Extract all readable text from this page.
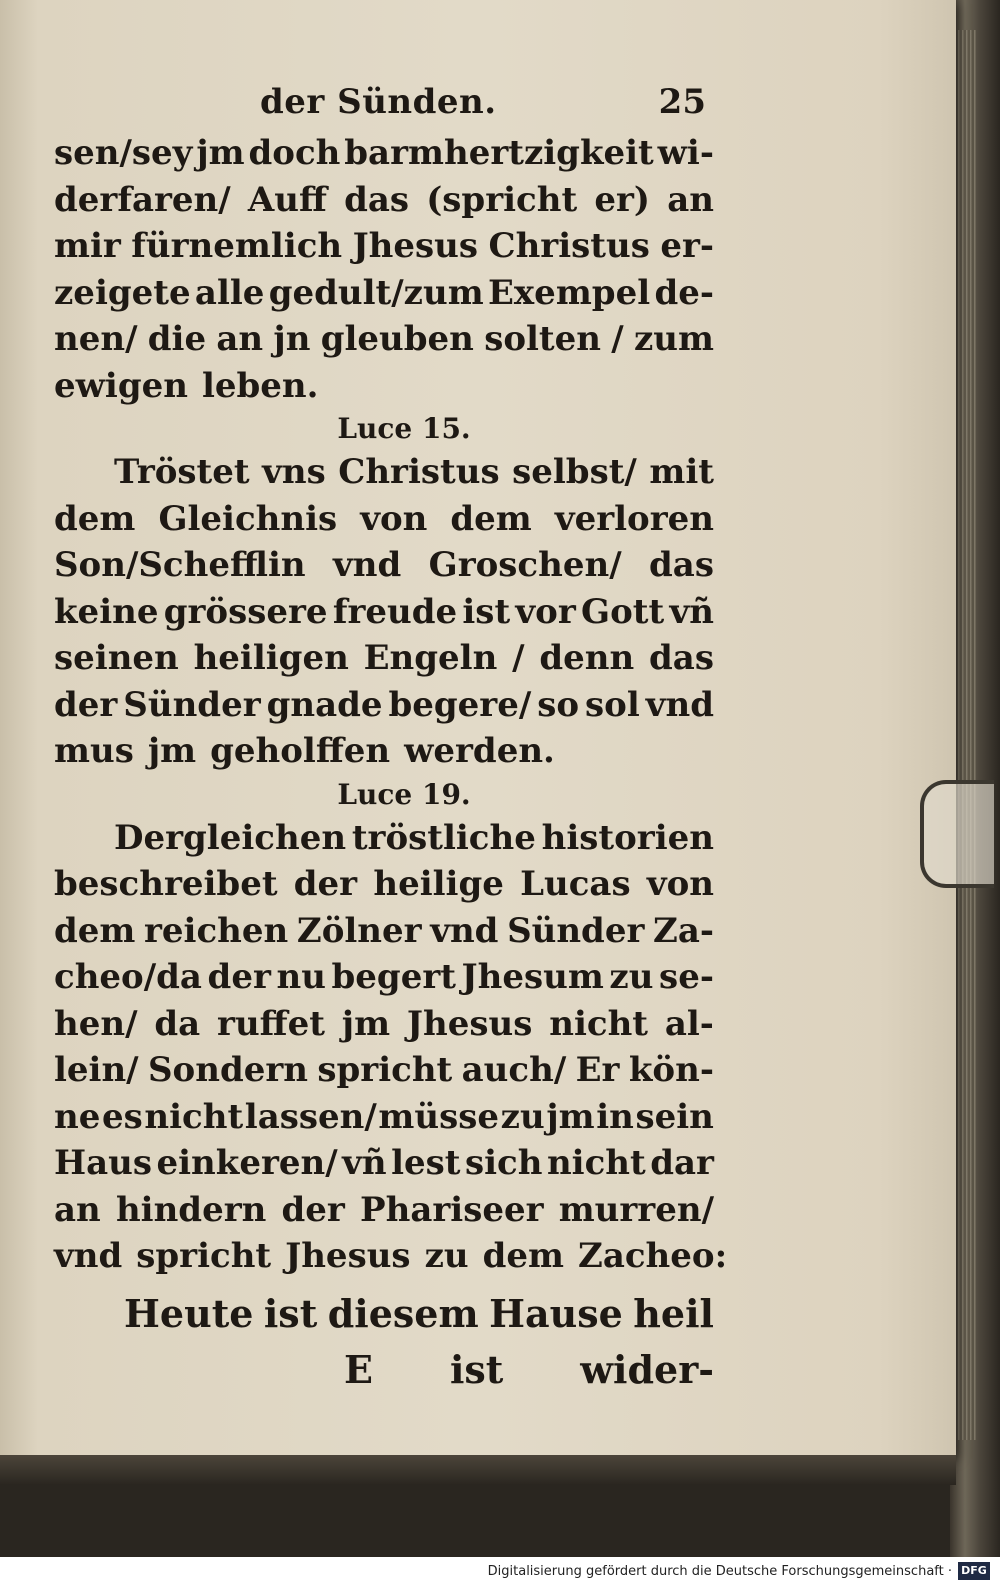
der Sünden.	25
sen/sey jm doch barmhertzigkeit wi-
derfaren/ Auff das (spricht er) an
mir fürnemlich Jhesus Christus er-
zeigete alle gedult/zum Exempel de-
nen/ die an jn gleuben solten / zum
ewigen leben.
Luce 15.
Tröstet vns Christus selbst/ mit
dem Gleichnis von dem verloren
Son/Schefflin vnd Groschen/ das
keine grössere freude ist vor Gott vñ
seinen heiligen Engeln / denn das
der Sünder gnade begere/ so sol vnd
mus jm geholffen werden.
Luce 19.
Dergleichen tröstliche historien
beschreibet der heilige Lucas von
dem reichen Zölner vnd Sünder Za-
cheo/da der nu begert Jhesum zu se-
hen/ da ruffet jm Jhesus nicht al-
lein/ Sondern spricht auch/ Er kön-
ne es nicht lassen/ müsse zu jm in sein
Haus einkeren/ vñ lest sich nicht dar
an hindern der Phariseer murren/
vnd spricht Jhesus zu dem Zacheo:
Heute ist diesem Hause heil
E ist wider-
Digitalisierung gefördert durch die Deutsche Forschungsgemeinschaft · DFG
